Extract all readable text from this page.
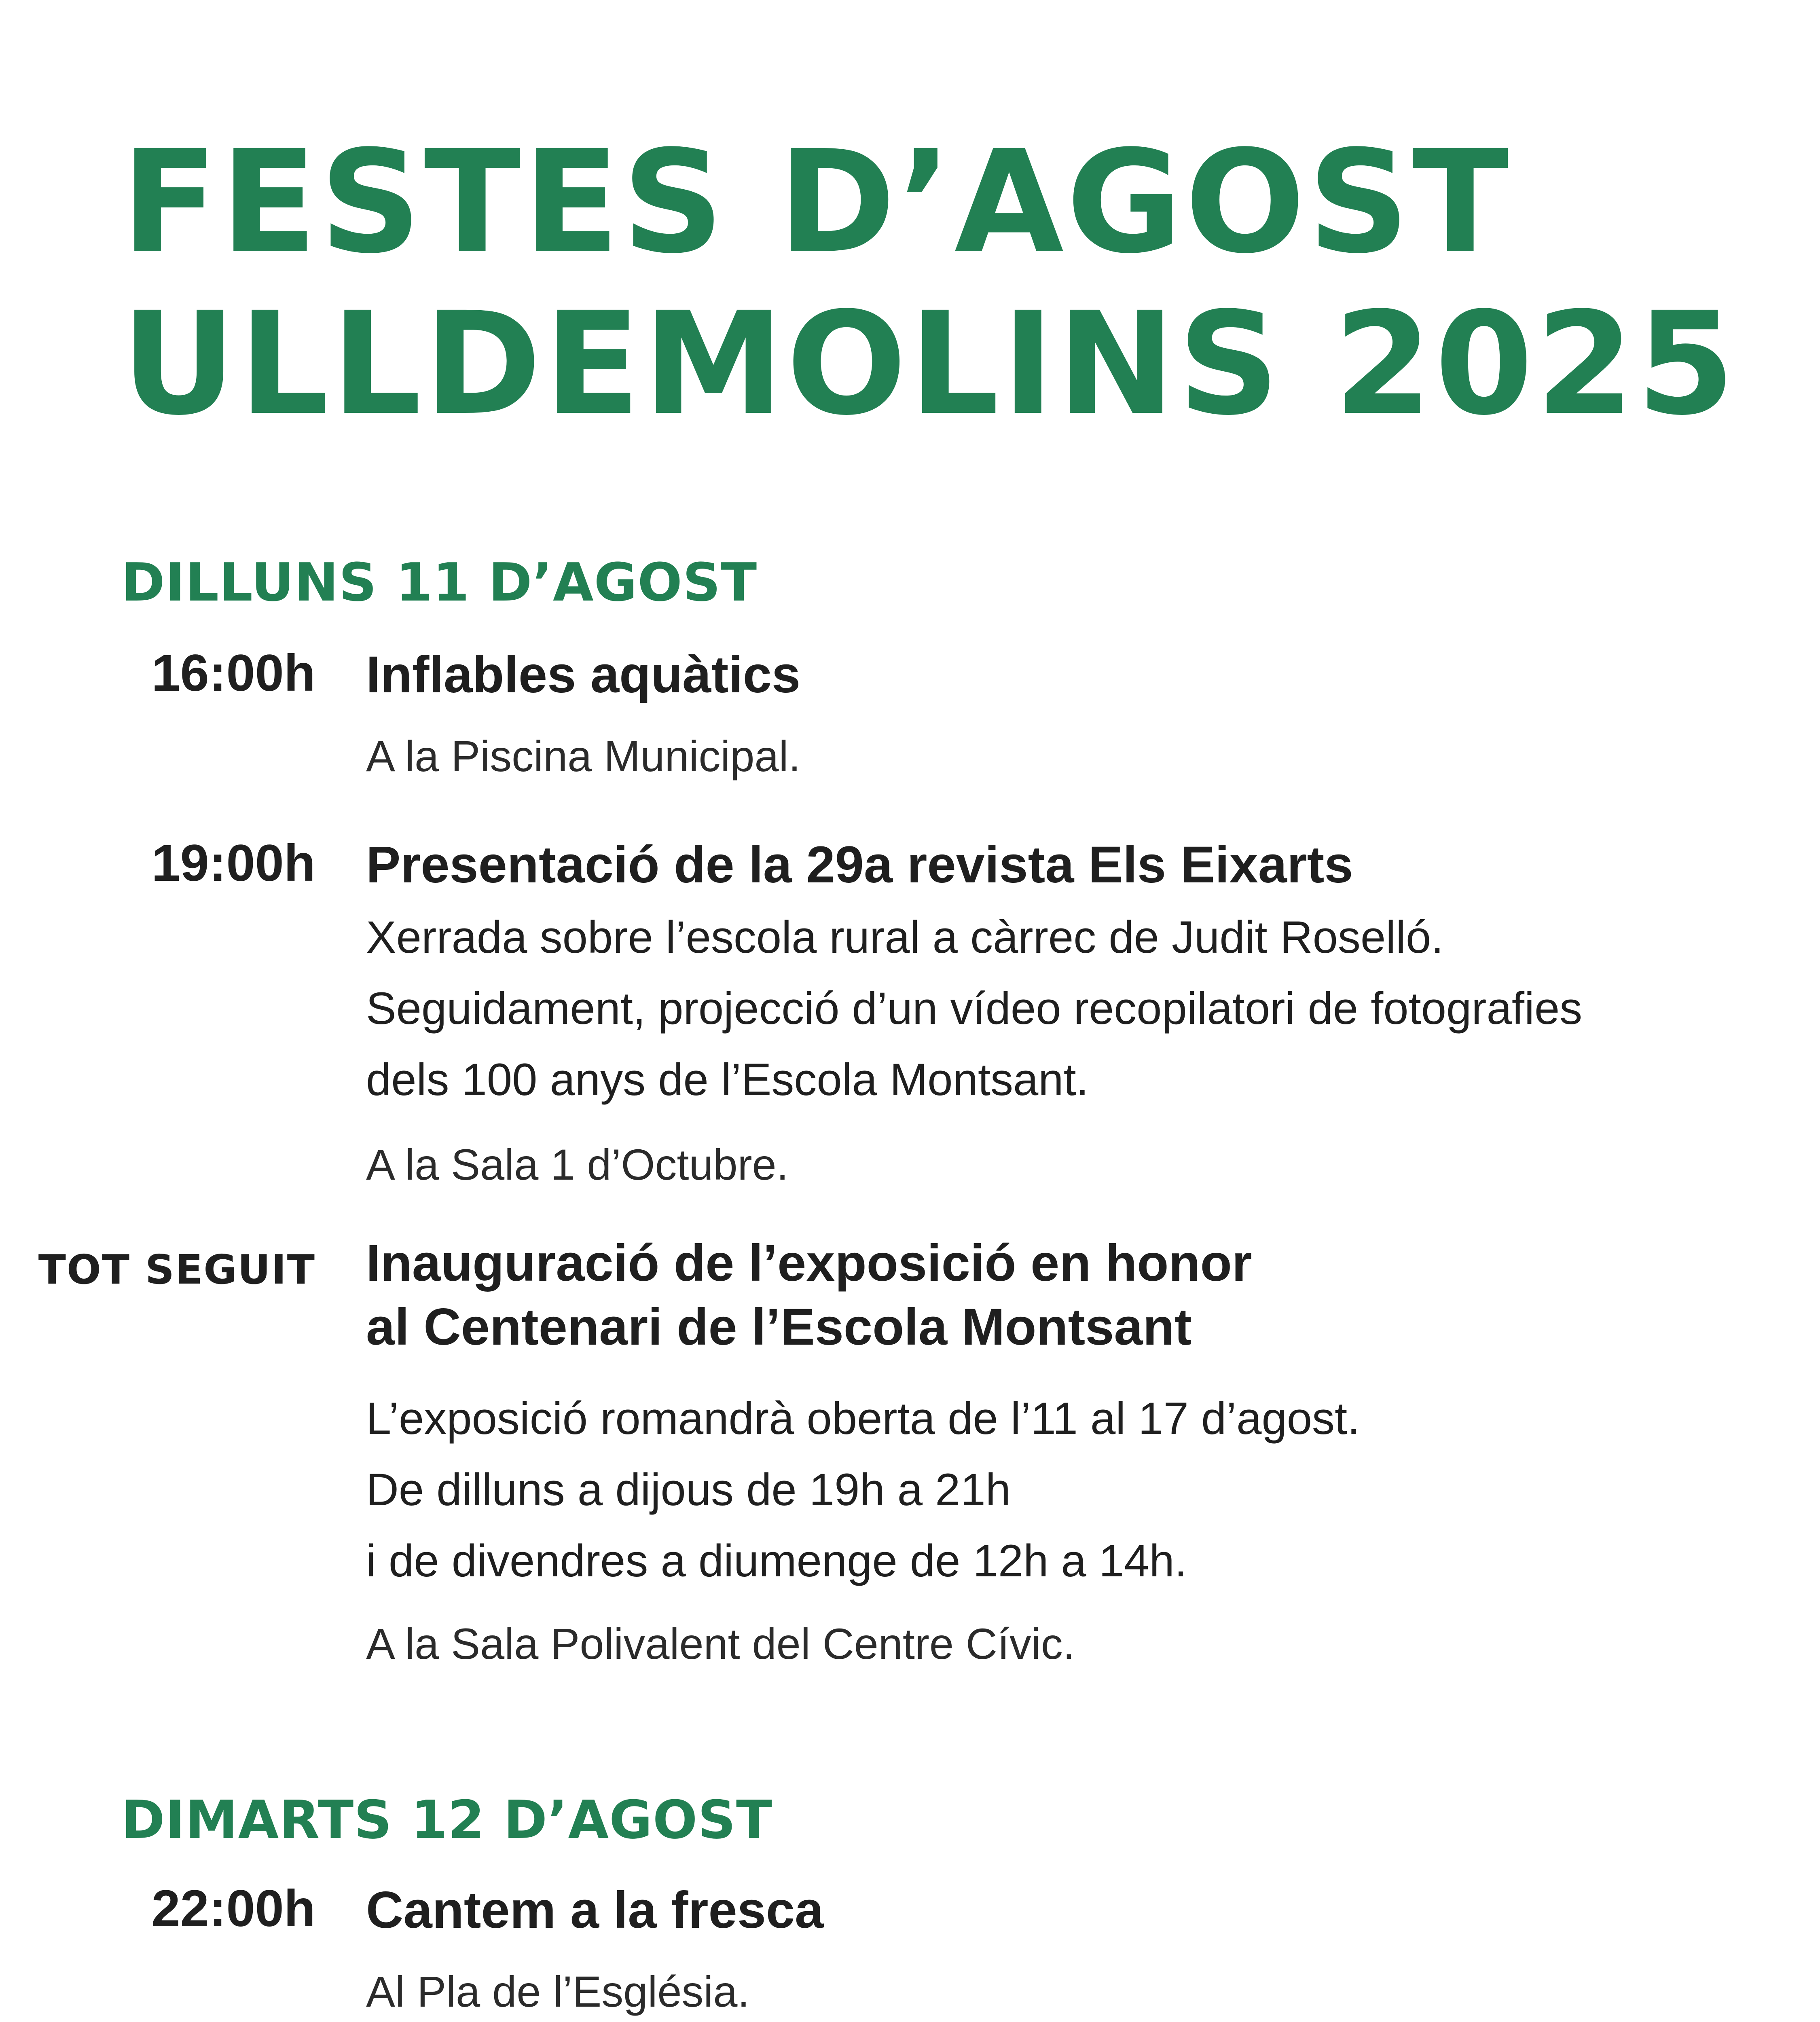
FESTES D’AGOST
ULLDEMOLINS 2025
DILLUNS 11 D’AGOST
16:00h Inflables aquàtics

A la Piscina Municipal.

19:00h Presentació de la 29a revista Els Eixarts

Xerrada sobre l’escola rural a càrrec de Judit Roselló.
Seguidament, projecció d’un vídeo recopilatori de fotografies
dels 100 anys de l’Escola Montsant.

A la Sala 1 d’Octubre.

TOT SEGUIT Inauguració de l’exposició en honor
al Centenari de l’Escola Montsant

L’exposició romandrà oberta de l’11 al 17 d’agost.
De dilluns a dijous de 19h a 21h
i de divendres a diumenge de 12h a 14h.

A la Sala Polivalent del Centre Cívic.

DIMARTS 12 D’AGOST
22:00h Cantem a la fresca

Al Pla de l’Església.
